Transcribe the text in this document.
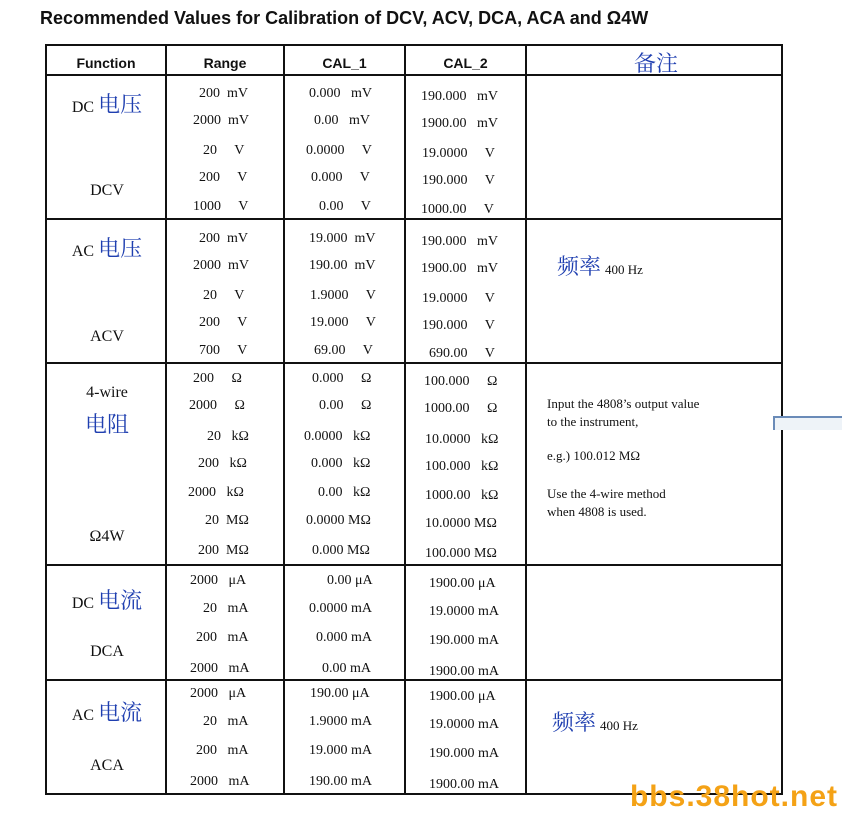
Recommended Values for Calibration of DCV, ACV, DCA, ACA and Ω4W
Function	Range	CAL_1	CAL_2	备注
DC 电压
DCV
200  mV	0.000   mV	190.000   mV
2000  mV	0.00   mV	1900.00   mV
20     V	0.0000     V	19.0000     V
200     V	0.000     V	190.000     V
1000     V	0.00     V	1000.00     V
AC 电压
ACV
频率 400 Hz
200  mV	19.000  mV	190.000   mV
2000  mV	190.00  mV	1900.00   mV
20     V	1.9000     V	19.0000     V
200     V	19.000     V	190.000     V
700     V	69.00     V	690.00     V
4-wire
电阻
Ω4W
Input the 4808’s output value
to the instrument,
e.g.) 100.012 MΩ
Use the 4-wire method
when 4808 is used.
200     Ω	0.000     Ω	100.000     Ω
2000     Ω	0.00     Ω	1000.00     Ω
20   kΩ	0.0000   kΩ	10.0000   kΩ
200   kΩ	0.000   kΩ	100.000   kΩ
2000   kΩ	0.00   kΩ	1000.00   kΩ
20  MΩ	0.0000 MΩ	10.0000 MΩ
200  MΩ	0.000 MΩ	100.000 MΩ
DC 电流
DCA
2000   μA	0.00 μA	1900.00 μA
20   mA	0.0000 mA	19.0000 mA
200   mA	0.000 mA	190.000 mA
2000   mA	0.00 mA	1900.00 mA
AC 电流
ACA
频率 400 Hz
2000   μA	190.00 μA	1900.00 μA
20   mA	1.9000 mA	19.0000 mA
200   mA	19.000 mA	190.000 mA
2000   mA	190.00 mA	1900.00 mA	bbs.38hot.net
